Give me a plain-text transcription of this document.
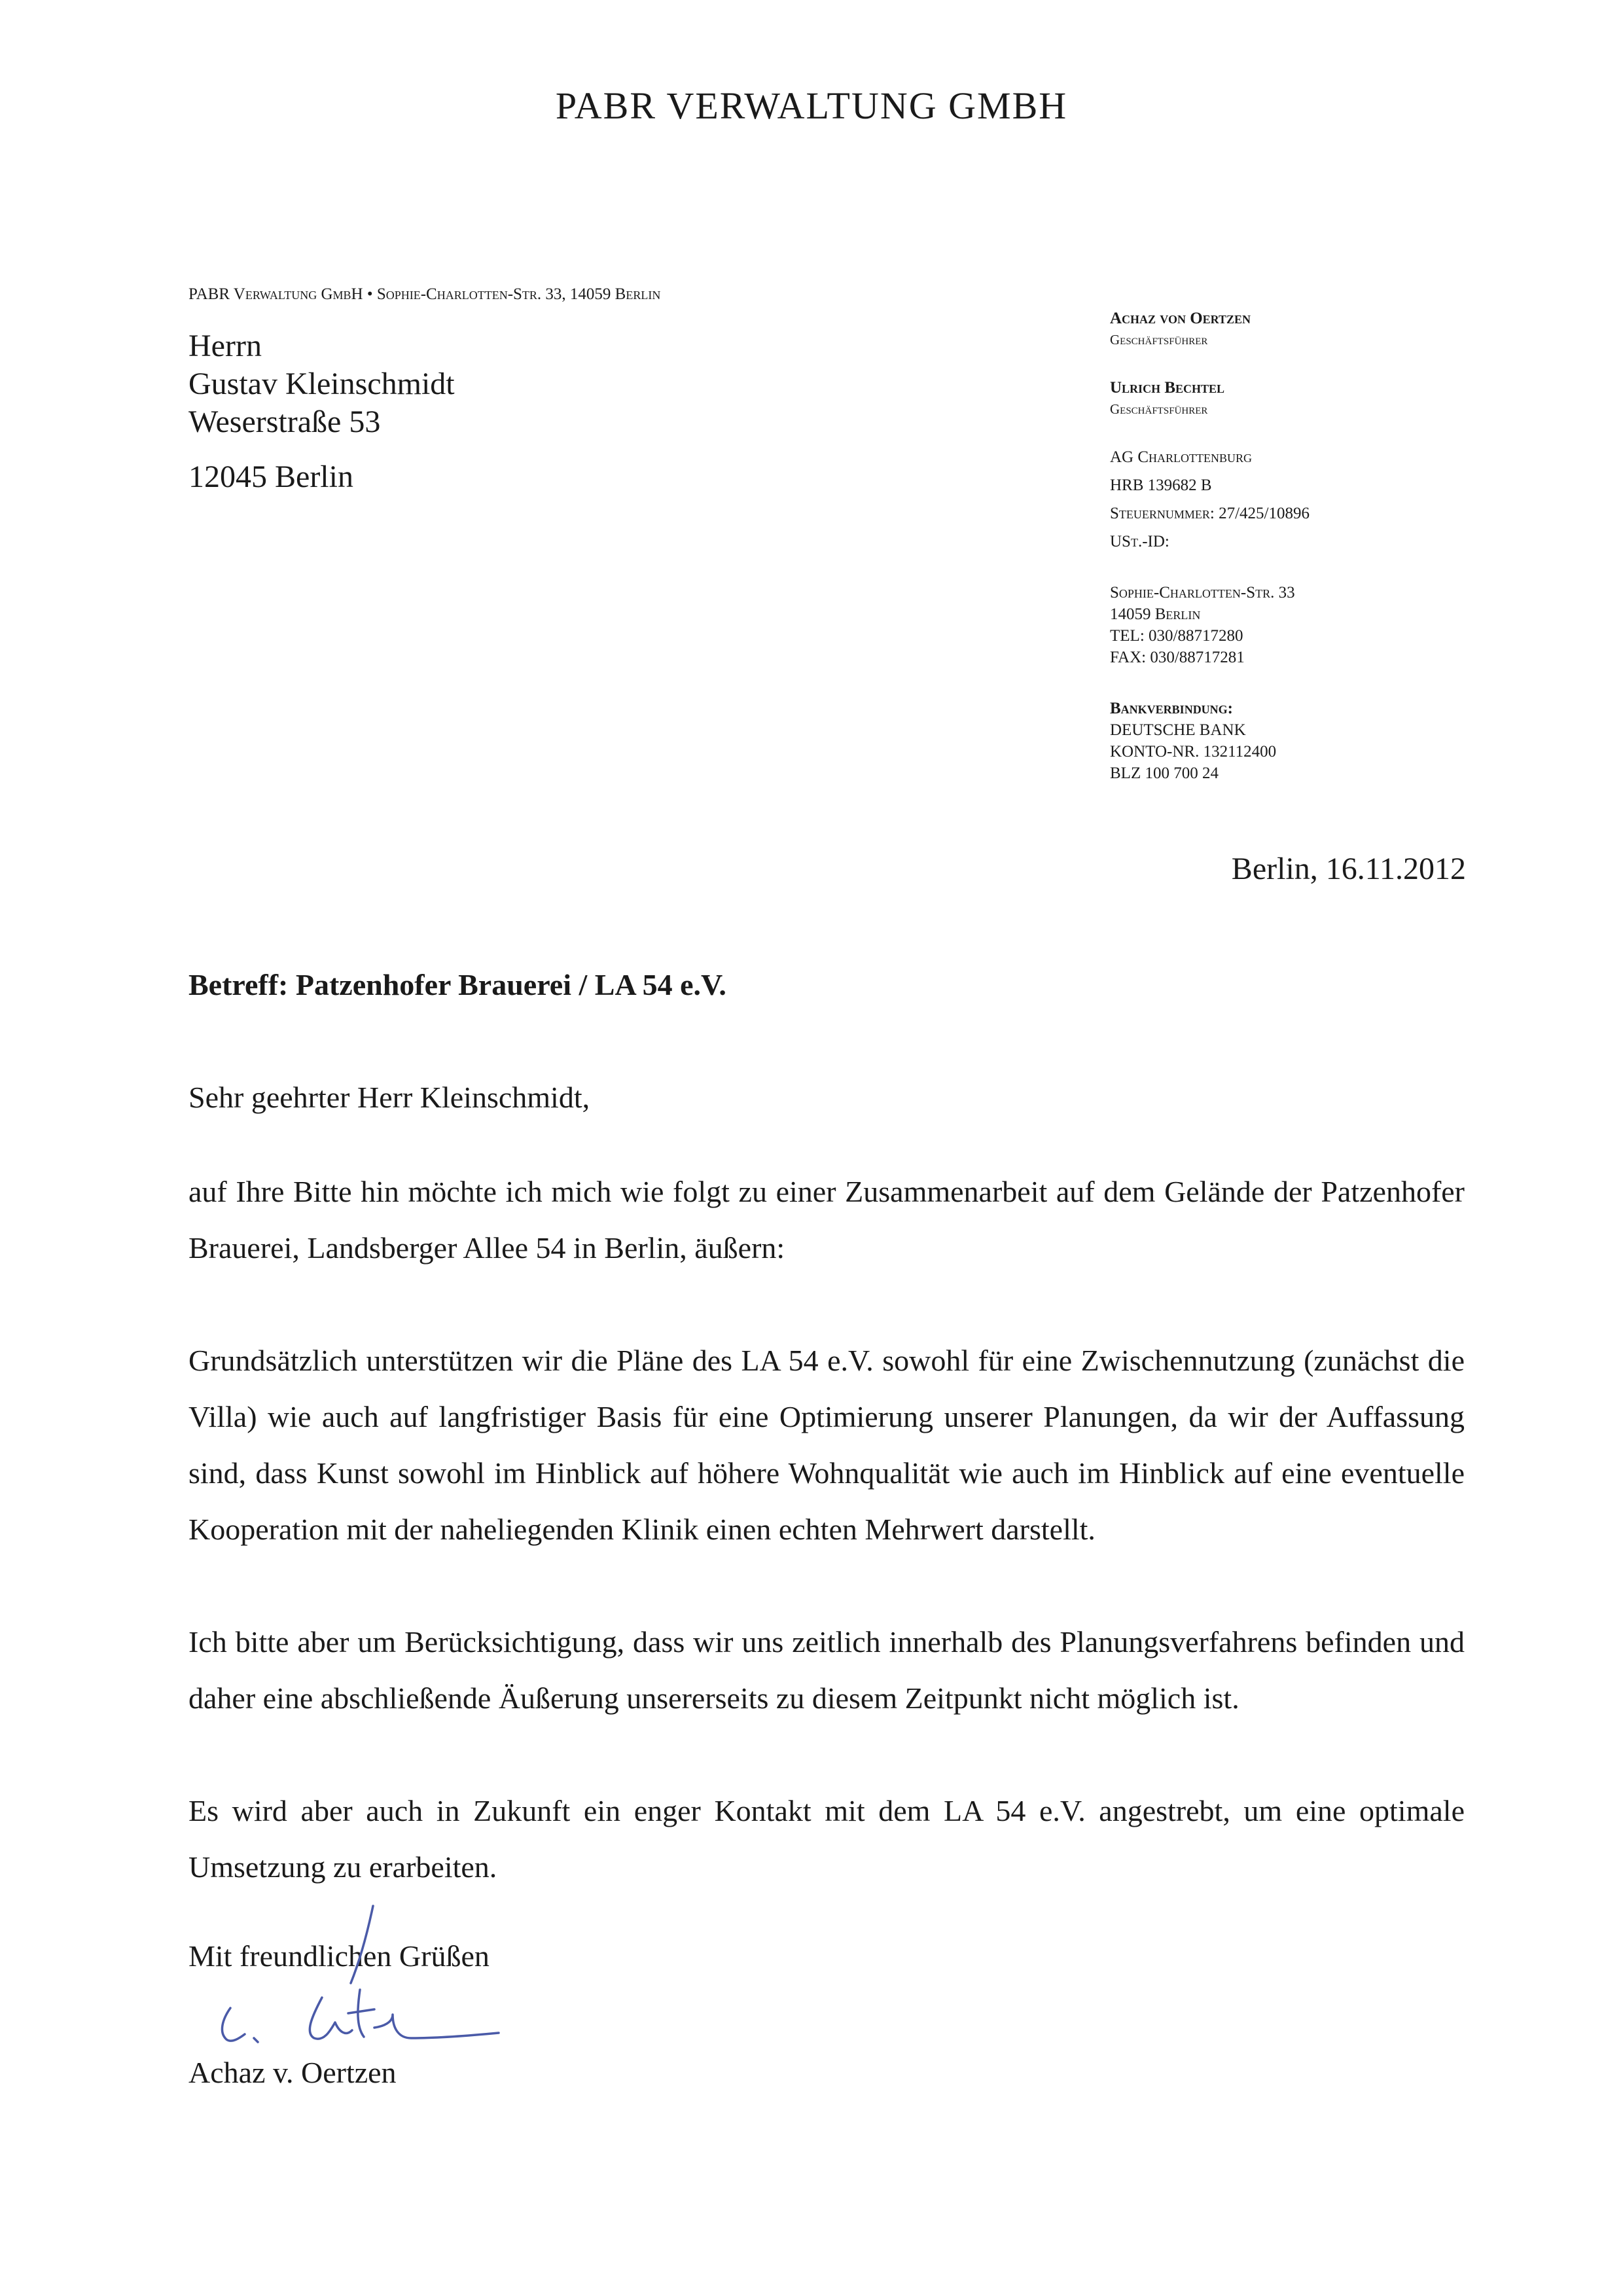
PABR VERWALTUNG GMBH
PABR Verwaltung GmbH • Sophie-Charlotten-Str. 33, 14059 Berlin
Herrn
Gustav Kleinschmidt
Weserstraße 53
12045 Berlin
Achaz von Oertzen
Geschäftsführer
Ulrich Bechtel
Geschäftsführer
AG Charlottenburg
HRB 139682 B
Steuernummer: 27/425/10896
USt.-ID:
Sophie-Charlotten-Str. 33
14059 Berlin
TEL: 030/88717280
FAX: 030/88717281
Bankverbindung:
DEUTSCHE BANK
KONTO-NR. 132112400
BLZ 100 700 24
Berlin, 16.11.2012
Betreff: Patzenhofer Brauerei / LA 54 e.V.
Sehr geehrter Herr Kleinschmidt,
auf Ihre Bitte hin möchte ich mich wie folgt zu einer Zusammenarbeit auf dem Gelände der Patzenhofer Brauerei, Landsberger Allee 54 in Berlin, äußern:
Grundsätzlich unterstützen wir die Pläne des LA 54 e.V. sowohl für eine Zwischennutzung (zunächst die Villa) wie auch auf langfristiger Basis für eine Optimierung unserer Planungen, da wir der Auffassung sind, dass Kunst sowohl im Hinblick auf höhere Wohnqualität wie auch im Hinblick auf eine eventuelle Kooperation mit der naheliegenden Klinik einen echten Mehrwert darstellt.
Ich bitte aber um Berücksichtigung, dass wir uns zeitlich innerhalb des Planungsverfahrens befinden und daher eine abschließende Äußerung unsererseits zu diesem Zeitpunkt nicht möglich ist.
Es wird aber auch in Zukunft ein enger Kontakt mit dem LA 54 e.V. angestrebt, um eine optimale Umsetzung zu erarbeiten.
Mit freundlichen Grüßen
Achaz v. Oertzen
